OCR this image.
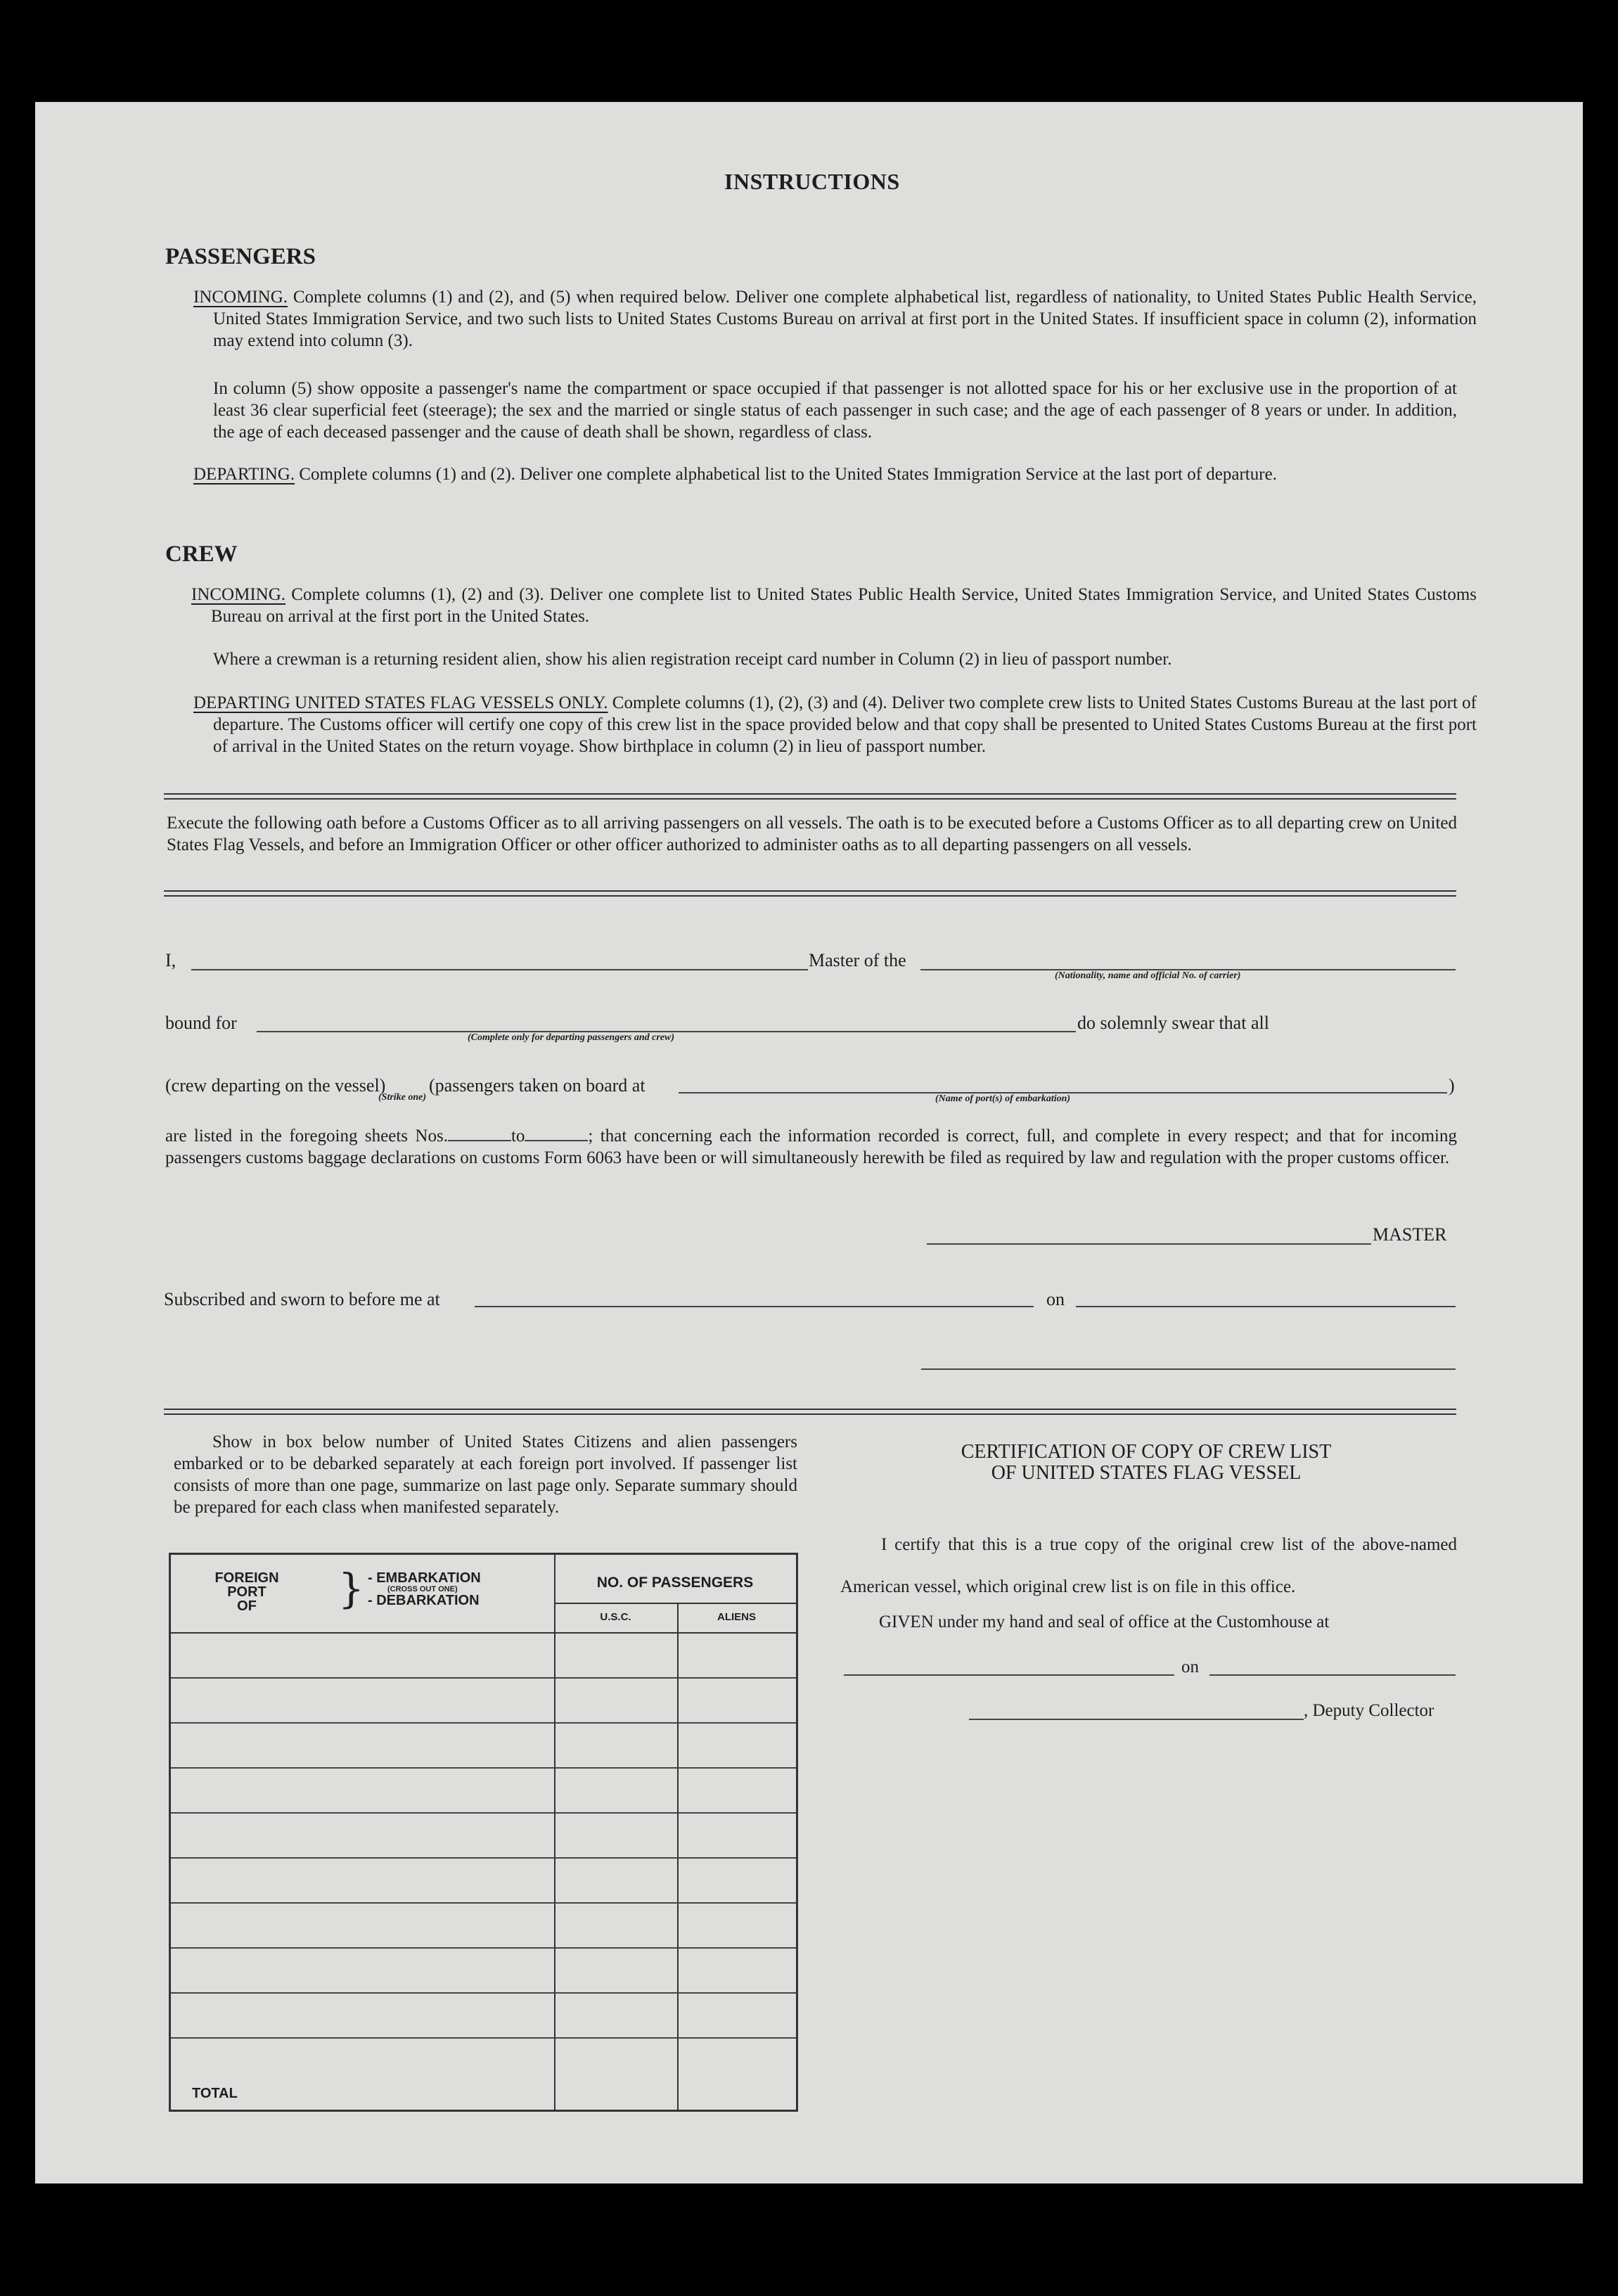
INSTRUCTIONS
PASSENGERS
INCOMING. Complete columns (1) and (2), and (5) when required below. Deliver one complete alphabetical list, regardless of nationality, to United States Public Health Service, United States Immigration Service, and two such lists to United States Customs Bureau on arrival at first port in the United States. If insufficient space in column (2), information may extend into column (3).
In column (5) show opposite a passenger's name the compartment or space occupied if that passenger is not allotted space for his or her exclusive use in the proportion of at least 36 clear superficial feet (steerage); the sex and the married or single status of each passenger in such case; and the age of each passenger of 8 years or under. In addition, the age of each deceased passenger and the cause of death shall be shown, regardless of class.
DEPARTING. Complete columns (1) and (2). Deliver one complete alphabetical list to the United States Immigration Service at the last port of departure.
CREW
INCOMING. Complete columns (1), (2) and (3). Deliver one complete list to United States Public Health Service, United States Immigration Service, and United States Customs Bureau on arrival at the first port in the United States.
Where a crewman is a returning resident alien, show his alien registration receipt card number in Column (2) in lieu of passport number.
DEPARTING UNITED STATES FLAG VESSELS ONLY. Complete columns (1), (2), (3) and (4). Deliver two complete crew lists to United States Customs Bureau at the last port of departure. The Customs officer will certify one copy of this crew list in the space provided below and that copy shall be presented to United States Customs Bureau at the first port of arrival in the United States on the return voyage. Show birthplace in column (2) in lieu of passport number.
Execute the following oath before a Customs Officer as to all arriving passengers on all vessels. The oath is to be executed before a Customs Officer as to all departing crew on United States Flag Vessels, and before an Immigration Officer or other officer authorized to administer oaths as to all departing passengers on all vessels.
I,	Master of the
(Nationality, name and official No. of carrier)
bound for	do solemnly swear that all
(Complete only for departing passengers and crew)
(crew departing on the vessel) (passengers taken on board at	)
(Strike one)	(Name of port(s) of embarkation)
are listed in the foregoing sheets Nos.	to	; that concerning each the information recorded is correct, full, and complete in every respect; and that for incoming passengers customs baggage declarations on customs Form 6063 have been or will simultaneously herewith be filed as required by law and regulation with the proper customs officer.
MASTER
Subscribed and sworn to before me at	on
Show in box below number of United States Citizens and alien passengers embarked or to be debarked separately at each foreign port involved. If passenger list consists of more than one page, summarize on last page only. Separate summary should be prepared for each class when manifested separately.
FOREIGN
PORT
OF	} - EMBARKATION
(CROSS OUT ONE)
- DEBARKATION
NO. OF PASSENGERS
U.S.C.	ALIENS
TOTAL
CERTIFICATION OF COPY OF CREW LIST
OF UNITED STATES FLAG VESSEL
I certify that this is a true copy of the original crew list of the above-named American vessel, which original crew list is on file in this office.
GIVEN under my hand and seal of office at the Customhouse at
on
, Deputy Collector
